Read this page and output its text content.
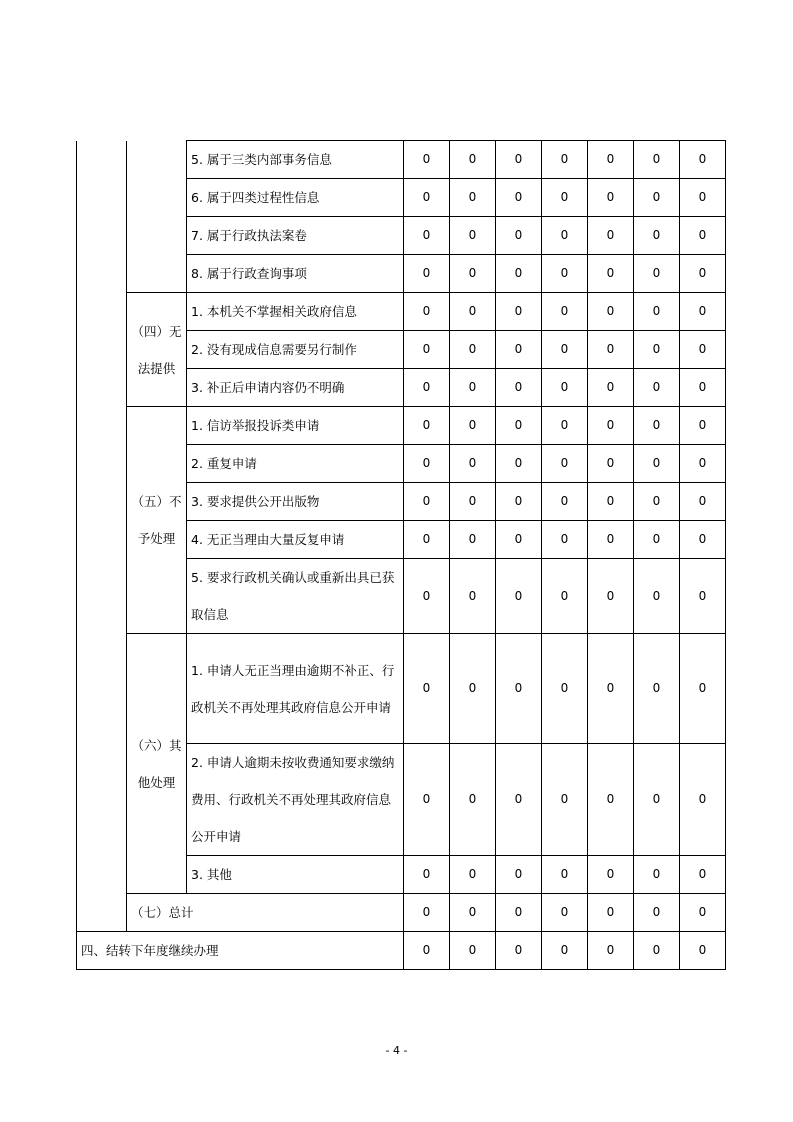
		5. 属于三类内部事务信息	0	0	0	0	0	0	0
		6. 属于四类过程性信息	0	0	0	0	0	0	0
		7. 属于行政执法案卷	0	0	0	0	0	0	0
		8. 属于行政查询事项	0	0	0	0	0	0	0
	（四）无法提供	1. 本机关不掌握相关政府信息	0	0	0	0	0	0	0
		2. 没有现成信息需要另行制作	0	0	0	0	0	0	0
		3. 补正后申请内容仍不明确	0	0	0	0	0	0	0
	（五）不予处理	1. 信访举报投诉类申请	0	0	0	0	0	0	0
		2. 重复申请	0	0	0	0	0	0	0
		3. 要求提供公开出版物	0	0	0	0	0	0	0
		4. 无正当理由大量反复申请	0	0	0	0	0	0	0
		5. 要求行政机关确认或重新出具已获取信息	0	0	0	0	0	0	0
	（六）其他处理	1. 申请人无正当理由逾期不补正、行政机关不再处理其政府信息公开申请	0	0	0	0	0	0	0
		2. 申请人逾期未按收费通知要求缴纳费用、行政机关不再处理其政府信息公开申请	0	0	0	0	0	0	0
		3. 其他	0	0	0	0	0	0	0
	（七）总计		0	0	0	0	0	0	0
四、结转下年度继续办理			0	0	0	0	0	0	0
- 4 -
